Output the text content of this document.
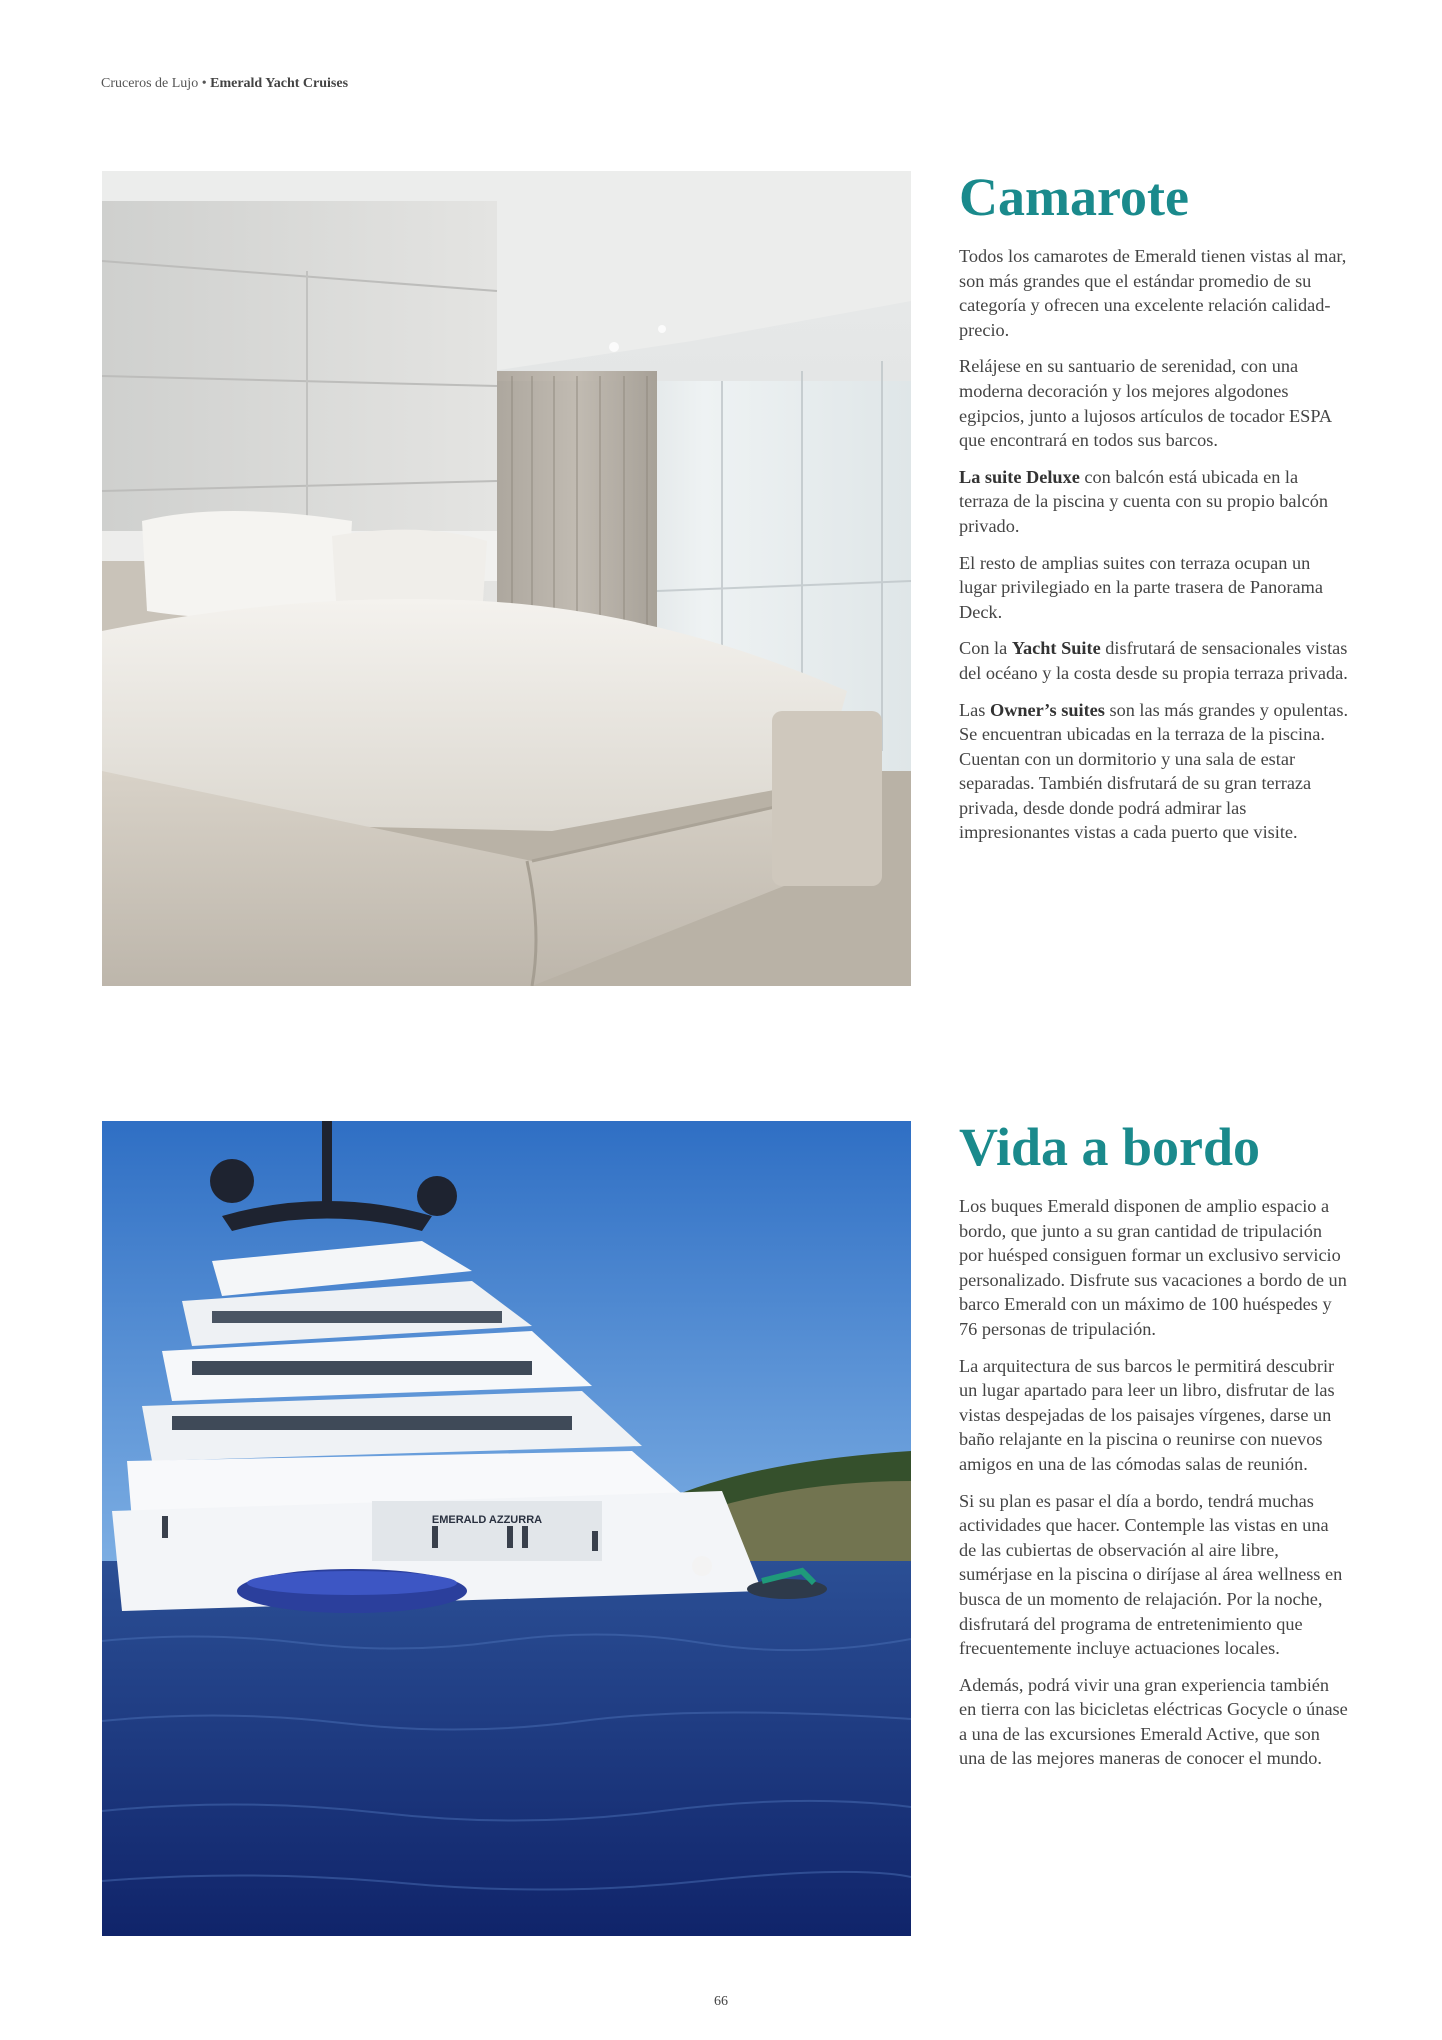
Cruceros de Lujo • Emerald Yacht Cruises
Camarote

Todos los camarotes de Emerald tienen vistas al mar, son más grandes que el estándar promedio de su categoría y ofrecen una excelente relación calidad-precio.

Relájese en su santuario de serenidad, con una moderna decoración y los mejores algodones egipcios, junto a lujosos artículos de tocador ESPA que encontrará en todos sus barcos.

La suite Deluxe con balcón está ubicada en la terraza de la piscina y cuenta con su propio balcón privado.

El resto de amplias suites con terraza ocupan un lugar privilegiado en la parte trasera de Panorama Deck.

Con la Yacht Suite disfrutará de sensacionales vistas del océano y la costa desde su propia terraza privada.

Las Owner’s suites son las más grandes y opulentas. Se encuentran ubicadas en la terraza de la piscina. Cuentan con un dormitorio y una sala de estar separadas. También disfrutará de su gran terraza privada, desde donde podrá admirar las impresionantes vistas a cada puerto que visite.

EMERALD AZZURRA
Vida a bordo

Los buques Emerald disponen de amplio espacio a bordo, que junto a su gran cantidad de tripulación por huésped consiguen formar un exclusivo servicio personalizado. Disfrute sus vacaciones a bordo de un barco Emerald con un máximo de 100 huéspedes y 76 personas de tripulación.

La arquitectura de sus barcos le permitirá descubrir un lugar apartado para leer un libro, disfrutar de las vistas despejadas de los paisajes vírgenes, darse un baño relajante en la piscina o reunirse con nuevos amigos en una de las cómodas salas de reunión.

Si su plan es pasar el día a bordo, tendrá muchas actividades que hacer. Contemple las vistas en una de las cubiertas de observación al aire libre, sumérjase en la piscina o diríjase al área wellness en busca de un momento de relajación. Por la noche, disfrutará del programa de entretenimiento que frecuentemente incluye actuaciones locales.

Además, podrá vivir una gran experiencia también en tierra con las bicicletas eléctricas Gocycle o únase a una de las excursiones Emerald Active, que son una de las mejores maneras de conocer el mundo.

66
